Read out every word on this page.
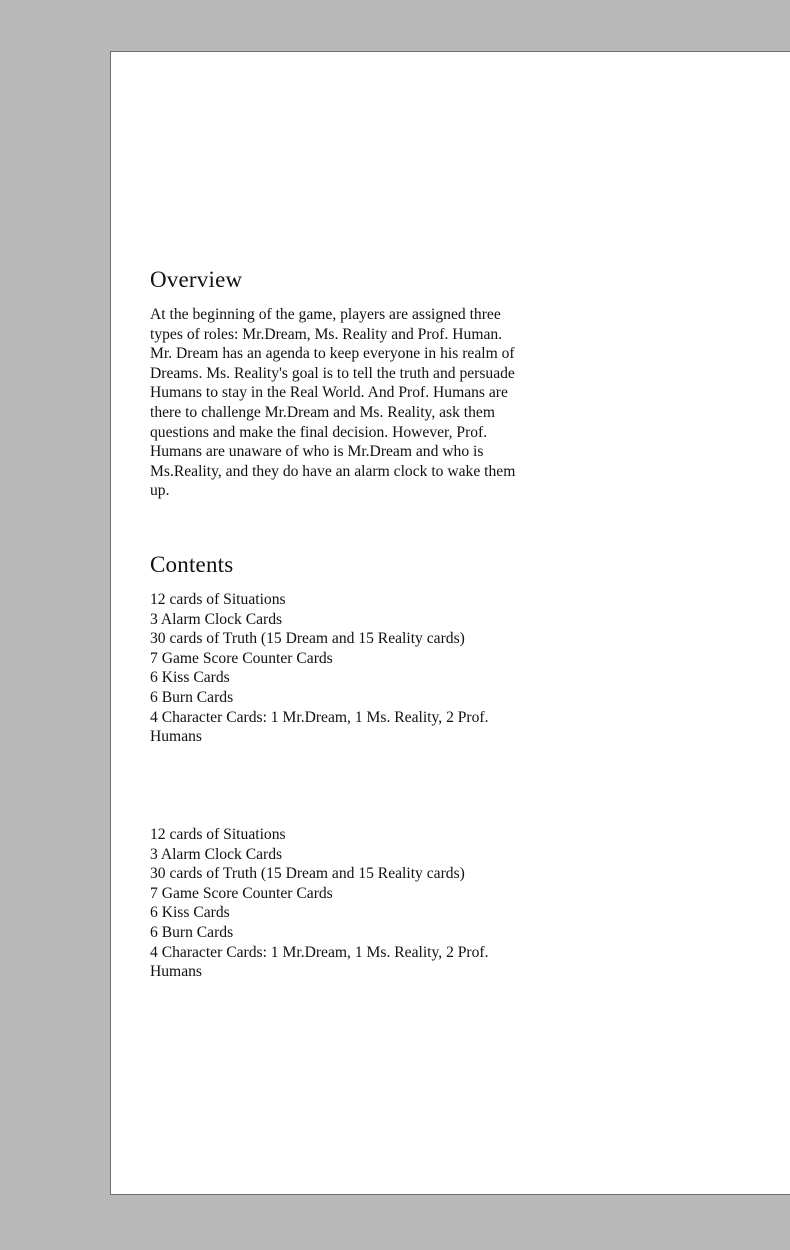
Overview

At the beginning of the game, players are assigned three types of roles: Mr.Dream, Ms. Reality and Prof. Human. Mr. Dream has an agenda to keep everyone in his realm of Dreams. Ms. Reality's goal is to tell the truth and persuade Humans to stay in the Real World. And Prof. Humans are there to challenge Mr.Dream and Ms. Reality, ask them questions and make the final decision. However, Prof. Humans are unaware of who is Mr.Dream and who is Ms.Reality, and they do have an alarm clock to wake them up.

Contents
12 cards of Situations
3 Alarm Clock Cards
30 cards of Truth (15 Dream and 15 Reality cards)
7 Game Score Counter Cards
6 Kiss Cards
6 Burn Cards
4 Character Cards: 1 Mr.Dream, 1 Ms. Reality, 2 Prof. Humans
12 cards of Situations
3 Alarm Clock Cards
30 cards of Truth (15 Dream and 15 Reality cards)
7 Game Score Counter Cards
6 Kiss Cards
6 Burn Cards
4 Character Cards: 1 Mr.Dream, 1 Ms. Reality, 2 Prof. Humans
